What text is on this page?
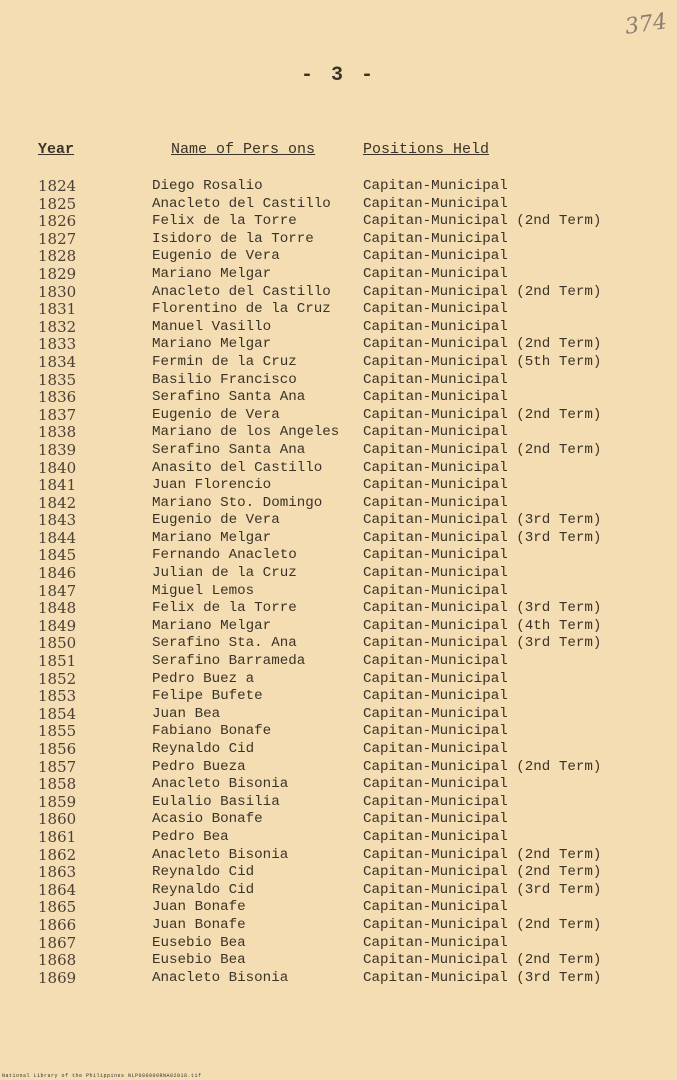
374
- 3 -
Year	Name of Pers ons	Positions Held
1824	Diego Rosalio	Capitan-Municipal
1825	Anacleto del Castillo Capitan-Municipal
1826	Felix de la Torre	Capitan-Municipal (2nd Term)
1827	Isidoro de la Torre	Capitan-Municipal
1828	Eugenio de Vera	Capitan-Municipal
1829	Mariano Melgar	Capitan-Municipal
1830	Anacleto del Castillo Capitan-Municipal (2nd Term)
1831	Florentino de la Cruz Capitan-Municipal
1832	Manuel Vasillo	Capitan-Municipal
1833	Mariano Melgar	Capitan-Municipal (2nd Term)
1834	Fermin de la Cruz	Capitan-Municipal (5th Term)
1835	Basilio Francisco	Capitan-Municipal
1836	Serafino Santa Ana	Capitan-Municipal
1837	Eugenio de Vera	Capitan-Municipal (2nd Term)
1838	Mariano de los Angeles Capitan-Municipal
1839	Serafino Santa Ana	Capitan-Municipal (2nd Term)
1840	Anasito del Castillo	Capitan-Municipal
1841	Juan Florencio	Capitan-Municipal
1842	Mariano Sto. Domingo	Capitan-Municipal
1843	Eugenio de Vera	Capitan-Municipal (3rd Term)
1844	Mariano Melgar	Capitan-Municipal (3rd Term)
1845	Fernando Anacleto	Capitan-Municipal
1846	Julian de la Cruz	Capitan-Municipal
1847	Miguel Lemos	Capitan-Municipal
1848	Felix de la Torre	Capitan-Municipal (3rd Term)
1849	Mariano Melgar	Capitan-Municipal (4th Term)
1850	Serafino Sta. Ana	Capitan-Municipal (3rd Term)
1851	Serafino Barrameda	Capitan-Municipal
1852	Pedro Buez a	Capitan-Municipal
1853	Felipe Bufete	Capitan-Municipal
1854	Juan Bea	Capitan-Municipal
1855	Fabiano Bonafe	Capitan-Municipal
1856	Reynaldo Cid	Capitan-Municipal
1857	Pedro Bueza	Capitan-Municipal (2nd Term)
1858	Anacleto Bisonia	Capitan-Municipal
1859	Eulalio Basilia	Capitan-Municipal
1860	Acasio Bonafe	Capitan-Municipal
1861	Pedro Bea	Capitan-Municipal
1862	Anacleto Bisonia	Capitan-Municipal (2nd Term)
1863	Reynaldo Cid	Capitan-Municipal (2nd Term)
1864	Reynaldo Cid	Capitan-Municipal (3rd Term)
1865	Juan Bonafe	Capitan-Municipal
1866	Juan Bonafe	Capitan-Municipal (2nd Term)
1867	Eusebio Bea	Capitan-Municipal
1868	Eusebio Bea	Capitan-Municipal (2nd Term)
1869	Anacleto Bisonia	Capitan-Municipal (3rd Term)
National Library of the Philippines NLP000000RNA02018.tif
